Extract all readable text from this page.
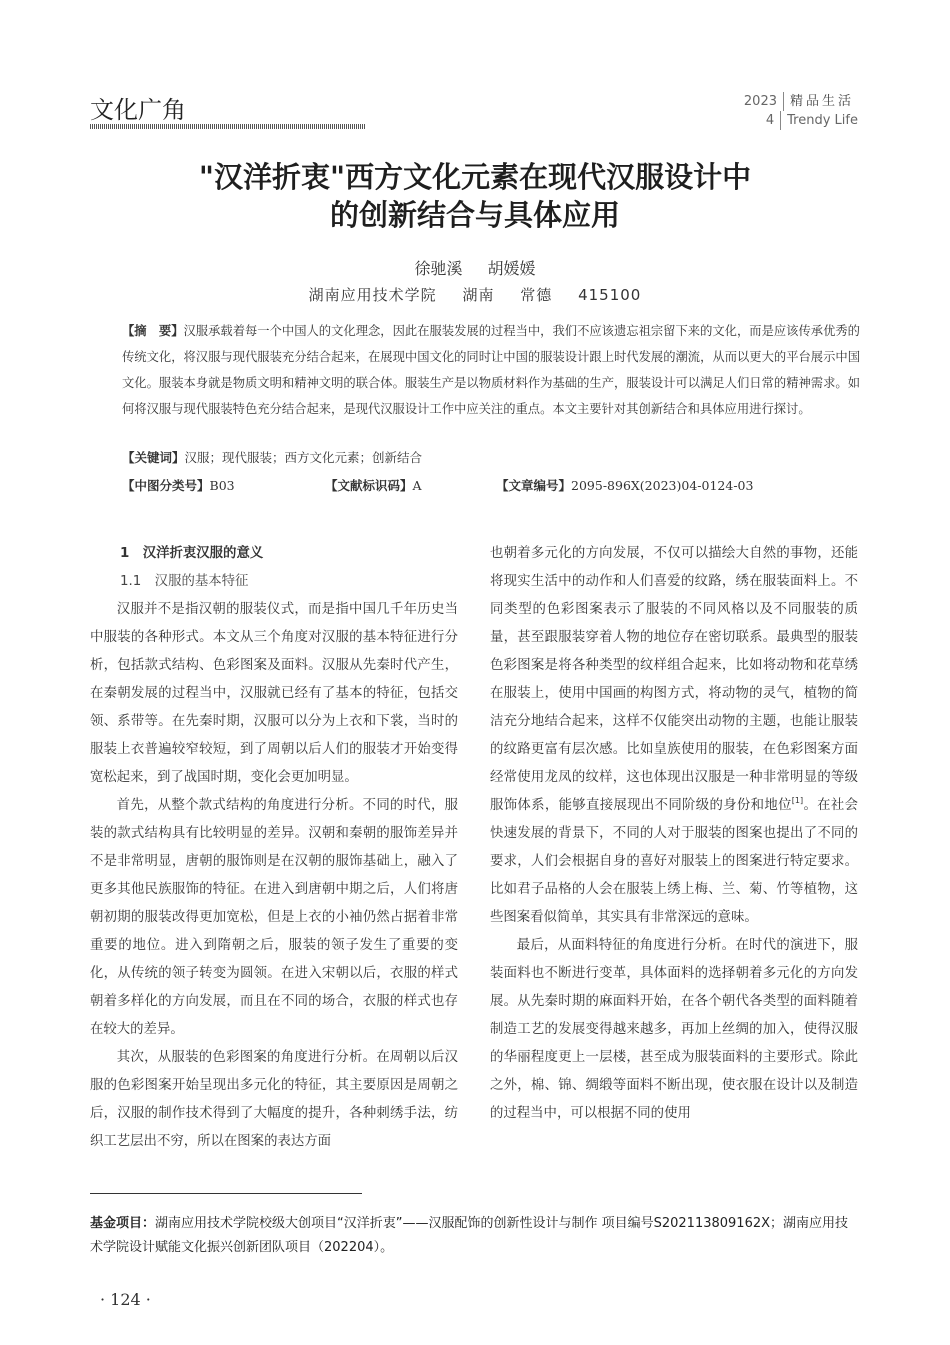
文化广角	2023	精品生活
4	Trendy Life
"汉洋折衷"西方文化元素在现代汉服设计中
的创新结合与具体应用
徐驰溪 胡媛媛
湖南应用技术学院 湖南 常德 415100
【摘　要】汉服承载着每一个中国人的文化理念，因此在服装发展的过程当中，我们不应该遗忘祖宗留下来的文化，而是应该传承优秀的传统文化，将汉服与现代服装充分结合起来，在展现中国文化的同时让中国的服装设计跟上时代发展的潮流，从而以更大的平台展示中国文化。服装本身就是物质文明和精神文明的联合体。服装生产是以物质材料作为基础的生产，服装设计可以满足人们日常的精神需求。如何将汉服与现代服装特色充分结合起来，是现代汉服设计工作中应关注的重点。本文主要针对其创新结合和具体应用进行探讨。
【关键词】汉服；现代服装；西方文化元素；创新结合
【中图分类号】B03	【文献标识码】A	【文章编号】2095-896X(2023)04-0124-03
1　汉洋折衷汉服的意义
1.1　汉服的基本特征

汉服并不是指汉朝的服装仪式，而是指中国几千年历史当中服装的各种形式。本文从三个角度对汉服的基本特征进行分析，包括款式结构、色彩图案及面料。汉服从先秦时代产生，在秦朝发展的过程当中，汉服就已经有了基本的特征，包括交领、系带等。在先秦时期，汉服可以分为上衣和下裳，当时的服装上衣普遍较窄较短，到了周朝以后人们的服装才开始变得宽松起来，到了战国时期，变化会更加明显。

首先，从整个款式结构的角度进行分析。不同的时代，服装的款式结构具有比较明显的差异。汉朝和秦朝的服饰差异并不是非常明显，唐朝的服饰则是在汉朝的服饰基础上，融入了更多其他民族服饰的特征。在进入到唐朝中期之后，人们将唐朝初期的服装改得更加宽松，但是上衣的小袖仍然占据着非常重要的地位。进入到隋朝之后，服装的领子发生了重要的变化，从传统的领子转变为圆领。在进入宋朝以后，衣服的样式朝着多样化的方向发展，而且在不同的场合，衣服的样式也存在较大的差异。

其次，从服装的色彩图案的角度进行分析。在周朝以后汉服的色彩图案开始呈现出多元化的特征，其主要原因是周朝之后，汉服的制作技术得到了大幅度的提升，各种刺绣手法，纺织工艺层出不穷，所以在图案的表达方面

也朝着多元化的方向发展，不仅可以描绘大自然的事物，还能将现实生活中的动作和人们喜爱的纹路，绣在服装面料上。不同类型的色彩图案表示了服装的不同风格以及不同服装的质量，甚至跟服装穿着人物的地位存在密切联系。最典型的服装色彩图案是将各种类型的纹样组合起来，比如将动物和花草绣在服装上，使用中国画的构图方式，将动物的灵气，植物的简洁充分地结合起来，这样不仅能突出动物的主题，也能让服装的纹路更富有层次感。比如皇族使用的服装，在色彩图案方面经常使用龙凤的纹样，这也体现出汉服是一种非常明显的等级服饰体系，能够直接展现出不同阶级的身份和地位[1]。在社会快速发展的背景下，不同的人对于服装的图案也提出了不同的要求，人们会根据自身的喜好对服装上的图案进行特定要求。比如君子品格的人会在服装上绣上梅、兰、菊、竹等植物，这些图案看似简单，其实具有非常深远的意味。

最后，从面料特征的角度进行分析。在时代的演进下，服装面料也不断进行变革，具体面料的选择朝着多元化的方向发展。从先秦时期的麻面料开始，在各个朝代各类型的面料随着制造工艺的发展变得越来越多，再加上丝绸的加入，使得汉服的华丽程度更上一层楼，甚至成为服装面料的主要形式。除此之外，棉、锦、绸缎等面料不断出现，使衣服在设计以及制造的过程当中，可以根据不同的使用

基金项目：湖南应用技术学院校级大创项目“汉洋折衷”——汉服配饰的创新性设计与制作 项目编号S202113809162X；湖南应用技术学院设计赋能文化振兴创新团队项目（202204）。
· 124 ·
